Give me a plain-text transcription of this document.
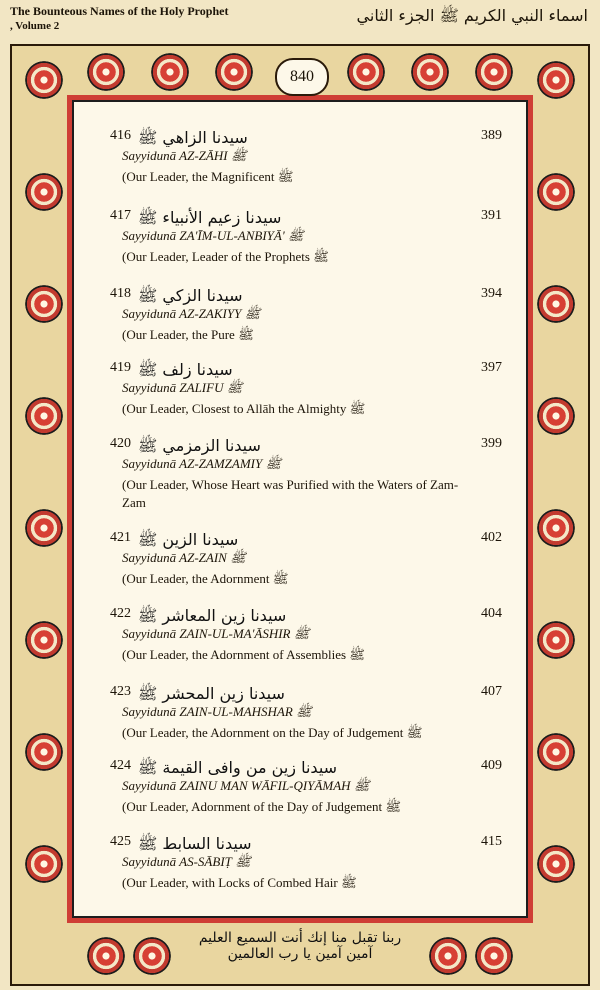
The Bounteous Names of the Holy Prophet
, Volume 2
اسماء النبي الكريم ﷺ الجزء الثاني
840
416 سيدنا الزاهي ﷺ	389
Sayyidunā AZ-ZĀHI ﷺ
(Our Leader, the Magnificent ﷺ
417 سيدنا زعيم الأنبياء ﷺ	391
Sayyidunā ZA'ĪM-UL-ANBIYĀ' ﷺ
(Our Leader, Leader of the Prophets ﷺ
418 سيدنا الزكي ﷺ	394
Sayyidunā AZ-ZAKIYY ﷺ
(Our Leader, the Pure ﷺ
419 سيدنا زلف ﷺ	397
Sayyidunā ZALIFU ﷺ
(Our Leader, Closest to Allāh the Almighty ﷺ
420 سيدنا الزمزمي ﷺ	399
Sayyidunā AZ-ZAMZAMIY ﷺ
(Our Leader, Whose Heart was Purified with the Waters of Zam-Zam
421 سيدنا الزين ﷺ	402
Sayyidunā AZ-ZAIN ﷺ
(Our Leader, the Adornment ﷺ
422 سيدنا زين المعاشر ﷺ	404
Sayyidunā ZAIN-UL-MA'ĀSHIR ﷺ
(Our Leader, the Adornment of Assemblies ﷺ
423 سيدنا زين المحشر ﷺ	407
Sayyidunā ZAIN-UL-MAHSHAR ﷺ
(Our Leader, the Adornment on the Day of Judgement ﷺ
424 سيدنا زين من وافى القيمة ﷺ	409
Sayyidunā ZAINU MAN WĀFIL-QIYĀMAH ﷺ
(Our Leader, Adornment of the Day of Judgement ﷺ
425 سيدنا السابط ﷺ	415
Sayyidunā AS-SĀBIṬ ﷺ
(Our Leader, with Locks of Combed Hair ﷺ
ربنا تقبل منا إنك أنت السميع العليم
آمين آمين يا رب العالمين
